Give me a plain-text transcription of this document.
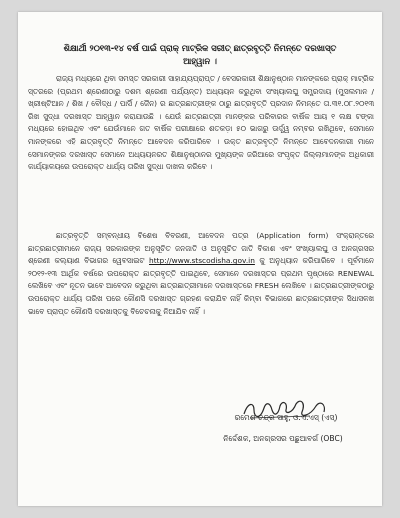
ଶିକ୍ଷାର୍ଥୀ ୨୦୧୩-୧୪ ବର୍ଷ ପାଇଁ ପ୍ରାକ୍ ମାଟ୍ରିକ ସରୀତ୍ ଛାତ୍ରବୃତ୍ତି ନିମନ୍ତେ ଦରଖାସ୍ତ ଆହ୍ୱାନ ।
ରାଜ୍ୟ ମଧ୍ୟରେ ଥିବା ସମସ୍ତ ସରକାରୀ ସାହାଯ୍ୟପ୍ରାପ୍ତ / ବେସରକାରୀ ଶିକ୍ଷାନୁଷ୍ଠାନ ମାନଙ୍କରେ ପ୍ରାକ୍ ମାଟ୍ରିକ ସ୍ତରରେ (ପ୍ରଥମ ଶ୍ରେଣୀଠାରୁ ଦଶମ ଶ୍ରେଣୀ ପର୍ଯ୍ୟନ୍ତ) ଅଧ୍ୟୟନ କରୁଥିବା ସଂଖ୍ୟାଲଘୁ ସମ୍ପ୍ରଦାୟ (ମୁସଲମାନ / ଖ୍ରୀଷ୍ଟିଆନ / ଶିଖ / ବୌଦ୍ଧ / ପାର୍ସି / ଜୈନ) ର ଛାତ୍ରଛାତ୍ରୀଙ୍କ ଠାରୁ ଛାତ୍ରବୃତ୍ତି ପ୍ରଦାନ ନିମନ୍ତେ ତା.୩୧.୦୮.୨୦୧୩ ରିଖ ସୁଦ୍ଧା ଦରଖାସ୍ତ ଆହ୍ୱାନ କରାଯାଉଛି । ଯେଉଁ ଛାତ୍ରଛାତ୍ରୀ ମାନଙ୍କର ପରିବାରର ବାର୍ଷିକ ଆୟ ୧ ଲକ୍ଷ ଟଙ୍କା ମଧ୍ୟରେ ହୋଇଥିବ ଏବଂ ଯେଉଁମାନେ ଗତ ବାର୍ଷିକ ପରୀକ୍ଷାରେ ଶତକଡ଼ା ୫୦ ଭାଗରୁ ଊର୍ଦ୍ଧ୍ୱ ନମ୍ବର ରଖିଥିବେ, ସେମାନେ ମାନଙ୍କରେ ଏହି ଛାତ୍ରବୃତ୍ତି ନିମନ୍ତେ ଆବେଦନ କରିପାରିବେ । ଉକ୍ତ ଛାତ୍ରବୃତ୍ତି ନିମନ୍ତେ ଆବେଦନକାରୀ ମାନେ ସେମାନଙ୍କର ଦରଖାସ୍ତ ସେମାନେ ଅଧ୍ୟୟନରତ ଶିକ୍ଷାନୁଷ୍ଠାନର ମୁଖ୍ୟଙ୍କ ଜରିଆରେ ସଂପୃକ୍ତ ଜିଲ୍ଲାମାନଙ୍କ ଅଧିକାରୀ କାର୍ଯ୍ୟାଳୟରେ ଉପରୋକ୍ତ ଧାର୍ଯ୍ୟ ତାରିଖ ସୁଦ୍ଧା ଦାଖଲ କରିବେ ।
ଛାତ୍ରବୃତ୍ତି ସମ୍ବନ୍ଧୀୟ ବିଶେଷ ବିବରଣୀ, ଆବେଦନ ପତ୍ର (Application form) ସଂକ୍ରାନ୍ତରେ ଛାତ୍ରଛାତ୍ରୀମାନେ ରାଜ୍ୟ ସରକାରଙ୍କ ଅନୁସୂଚିତ ଜନଜାତି ଓ ଅନୁସୂଚିତ ଜାତି ବିକାଶ ଏବଂ ସଂଖ୍ୟାଲଘୁ ଓ ଅନଗ୍ରସର ଶ୍ରେଣୀ କଲ୍ୟାଣ ବିଭାଗର ୱେବସାଇଟ http://www.stscodisha.gov.in କୁ ଅନୁଧ୍ୟାନ କରିପାରିବେ । ପୂର୍ବମାନେ ୨୦୧୨-୧୩ ଆର୍ଥିକ ବର୍ଷରେ ଉପରୋକ୍ତ ଛାତ୍ରବୃତ୍ତି ପାଇଥିବେ, ସେମାନେ ଦରଖାସ୍ତର ପ୍ରଥମ ପୃଷ୍ଠାରେ RENEWAL ଲେଖିବେ ଏବଂ ନୂତନ ଭାବେ ଆବେଦନ କରୁଥିବା ଛାତ୍ରଛାତ୍ରୀମାନେ ଦରଖାସ୍ତରେ FRESH ଲେଖିବେ । ଛାତ୍ରଛାତ୍ରୀଙ୍କଠାରୁ ଉପରୋକ୍ତ ଧାର୍ଯ୍ୟ ତାରିଖ ପରେ କୌଣସି ଦରଖାସ୍ତ ଗ୍ରହଣ କରାଯିବ ନାହିଁ କିମ୍ବା ବିଭାଗରେ ଛାତ୍ରଛାତ୍ରୀଙ୍କ ସିଧାସଳଖ ଭାବେ ପ୍ରାପ୍ତ କୌଣସି ଦରଖାସ୍ତକୁ ବିଚେଚନାକୁ ନିଆଯିବ ନାହିଁ ।
ରମେଶ ଚନ୍ଦ୍ର ସାହୁ, ଓ.ଏ.ଏସ୍ (ଏସ୍)
ନିର୍ଦ୍ଦେଶକ, ଅନଗ୍ରସର ପଛୁଆବର୍ଗ (OBC)
